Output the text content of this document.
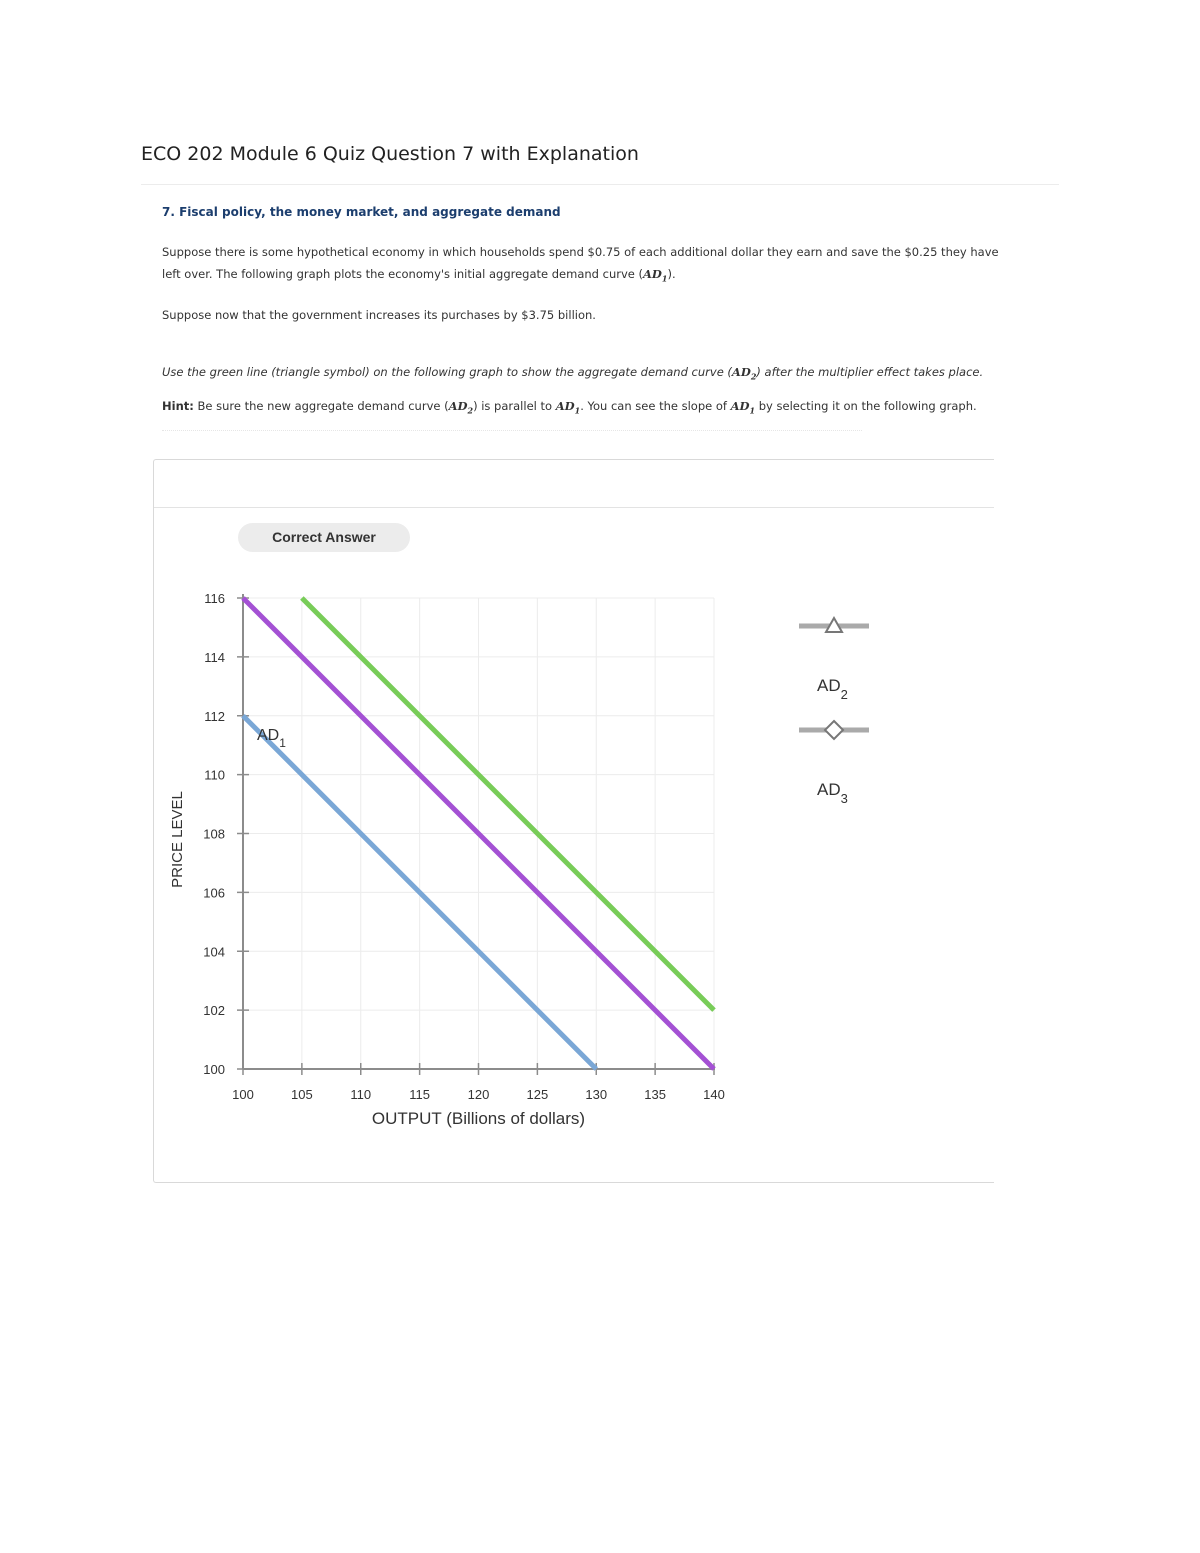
ECO 202 Module 6 Quiz Question 7 with Explanation
7. Fiscal policy, the money market, and aggregate demand

Suppose there is some hypothetical economy in which households spend $0.75 of each additional dollar they earn and save the $0.25 they have
left over. The following graph plots the economy's initial aggregate demand curve $(AD_1)$.

Suppose now that the government increases its purchases by $3.75 billion.

Use the green line (triangle symbol) on the following graph to show the aggregate demand curve $(AD_2)$ after the multiplier effect takes place.

Hint: Be sure the new aggregate demand curve $(AD_2)$ is parallel to $AD_1$. You can see the slope of $AD_1$ by selecting it on the following graph.

Correct Answer
100	105	110	115	120	125	130	135	140
100
102
104
106
108
110
112
114
116
OUTPUT (Billions of dollars)
PRICE LEVEL
$AD_1$
$AD_2$
$AD_3$
